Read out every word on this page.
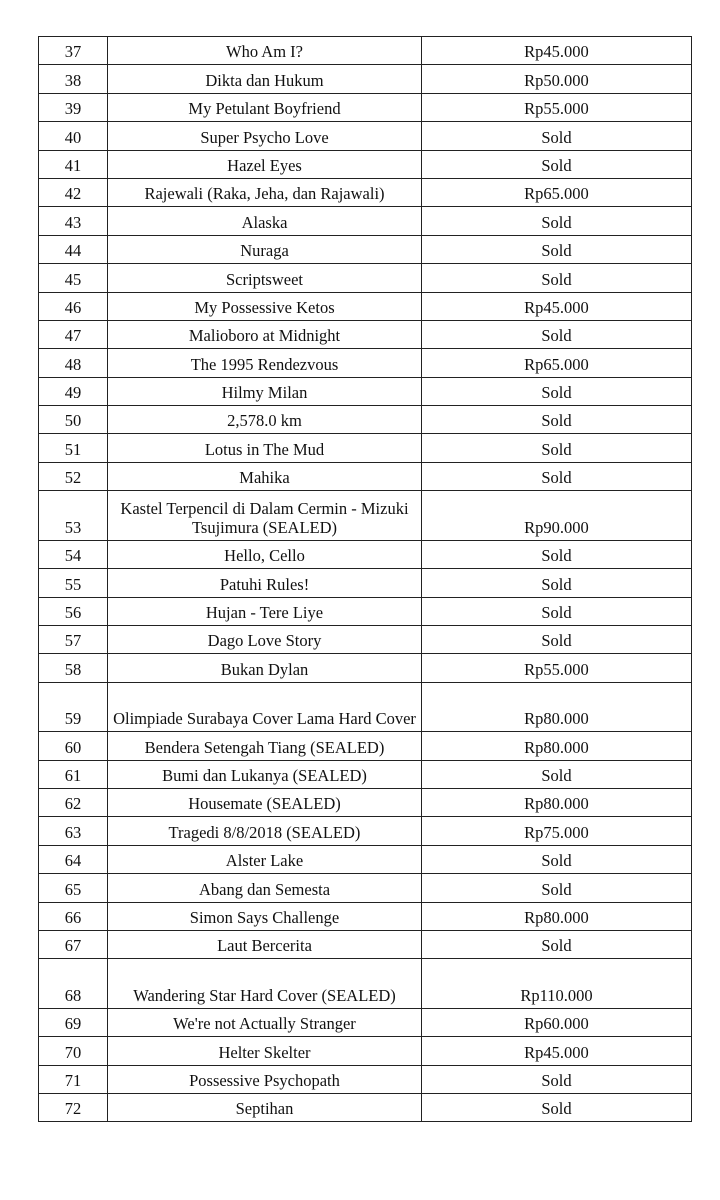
37	Who Am I?	Rp45.000
38	Dikta dan Hukum	Rp50.000
39	My Petulant Boyfriend	Rp55.000
40	Super Psycho Love	Sold
41	Hazel Eyes	Sold
42	Rajewali (Raka, Jeha, dan Rajawali)	Rp65.000
43	Alaska	Sold
44	Nuraga	Sold
45	Scriptsweet	Sold
46	My Possessive Ketos	Rp45.000
47	Malioboro at Midnight	Sold
48	The 1995 Rendezvous	Rp65.000
49	Hilmy Milan	Sold
50	2,578.0 km	Sold
51	Lotus in The Mud	Sold
52	Mahika	Sold
53	Kastel Terpencil di Dalam Cermin - Mizuki Tsujimura (SEALED)	Rp90.000
54	Hello, Cello	Sold
55	Patuhi Rules!	Sold
56	Hujan - Tere Liye	Sold
57	Dago Love Story	Sold
58	Bukan Dylan	Rp55.000
59	Olimpiade Surabaya Cover Lama Hard Cover	Rp80.000
60	Bendera Setengah Tiang (SEALED)	Rp80.000
61	Bumi dan Lukanya (SEALED)	Sold
62	Housemate (SEALED)	Rp80.000
63	Tragedi 8/8/2018 (SEALED)	Rp75.000
64	Alster Lake	Sold
65	Abang dan Semesta	Sold
66	Simon Says Challenge	Rp80.000
67	Laut Bercerita	Sold
68	Wandering Star Hard Cover (SEALED)	Rp110.000
69	We're not Actually Stranger	Rp60.000
70	Helter Skelter	Rp45.000
71	Possessive Psychopath	Sold
72	Septihan	Sold
